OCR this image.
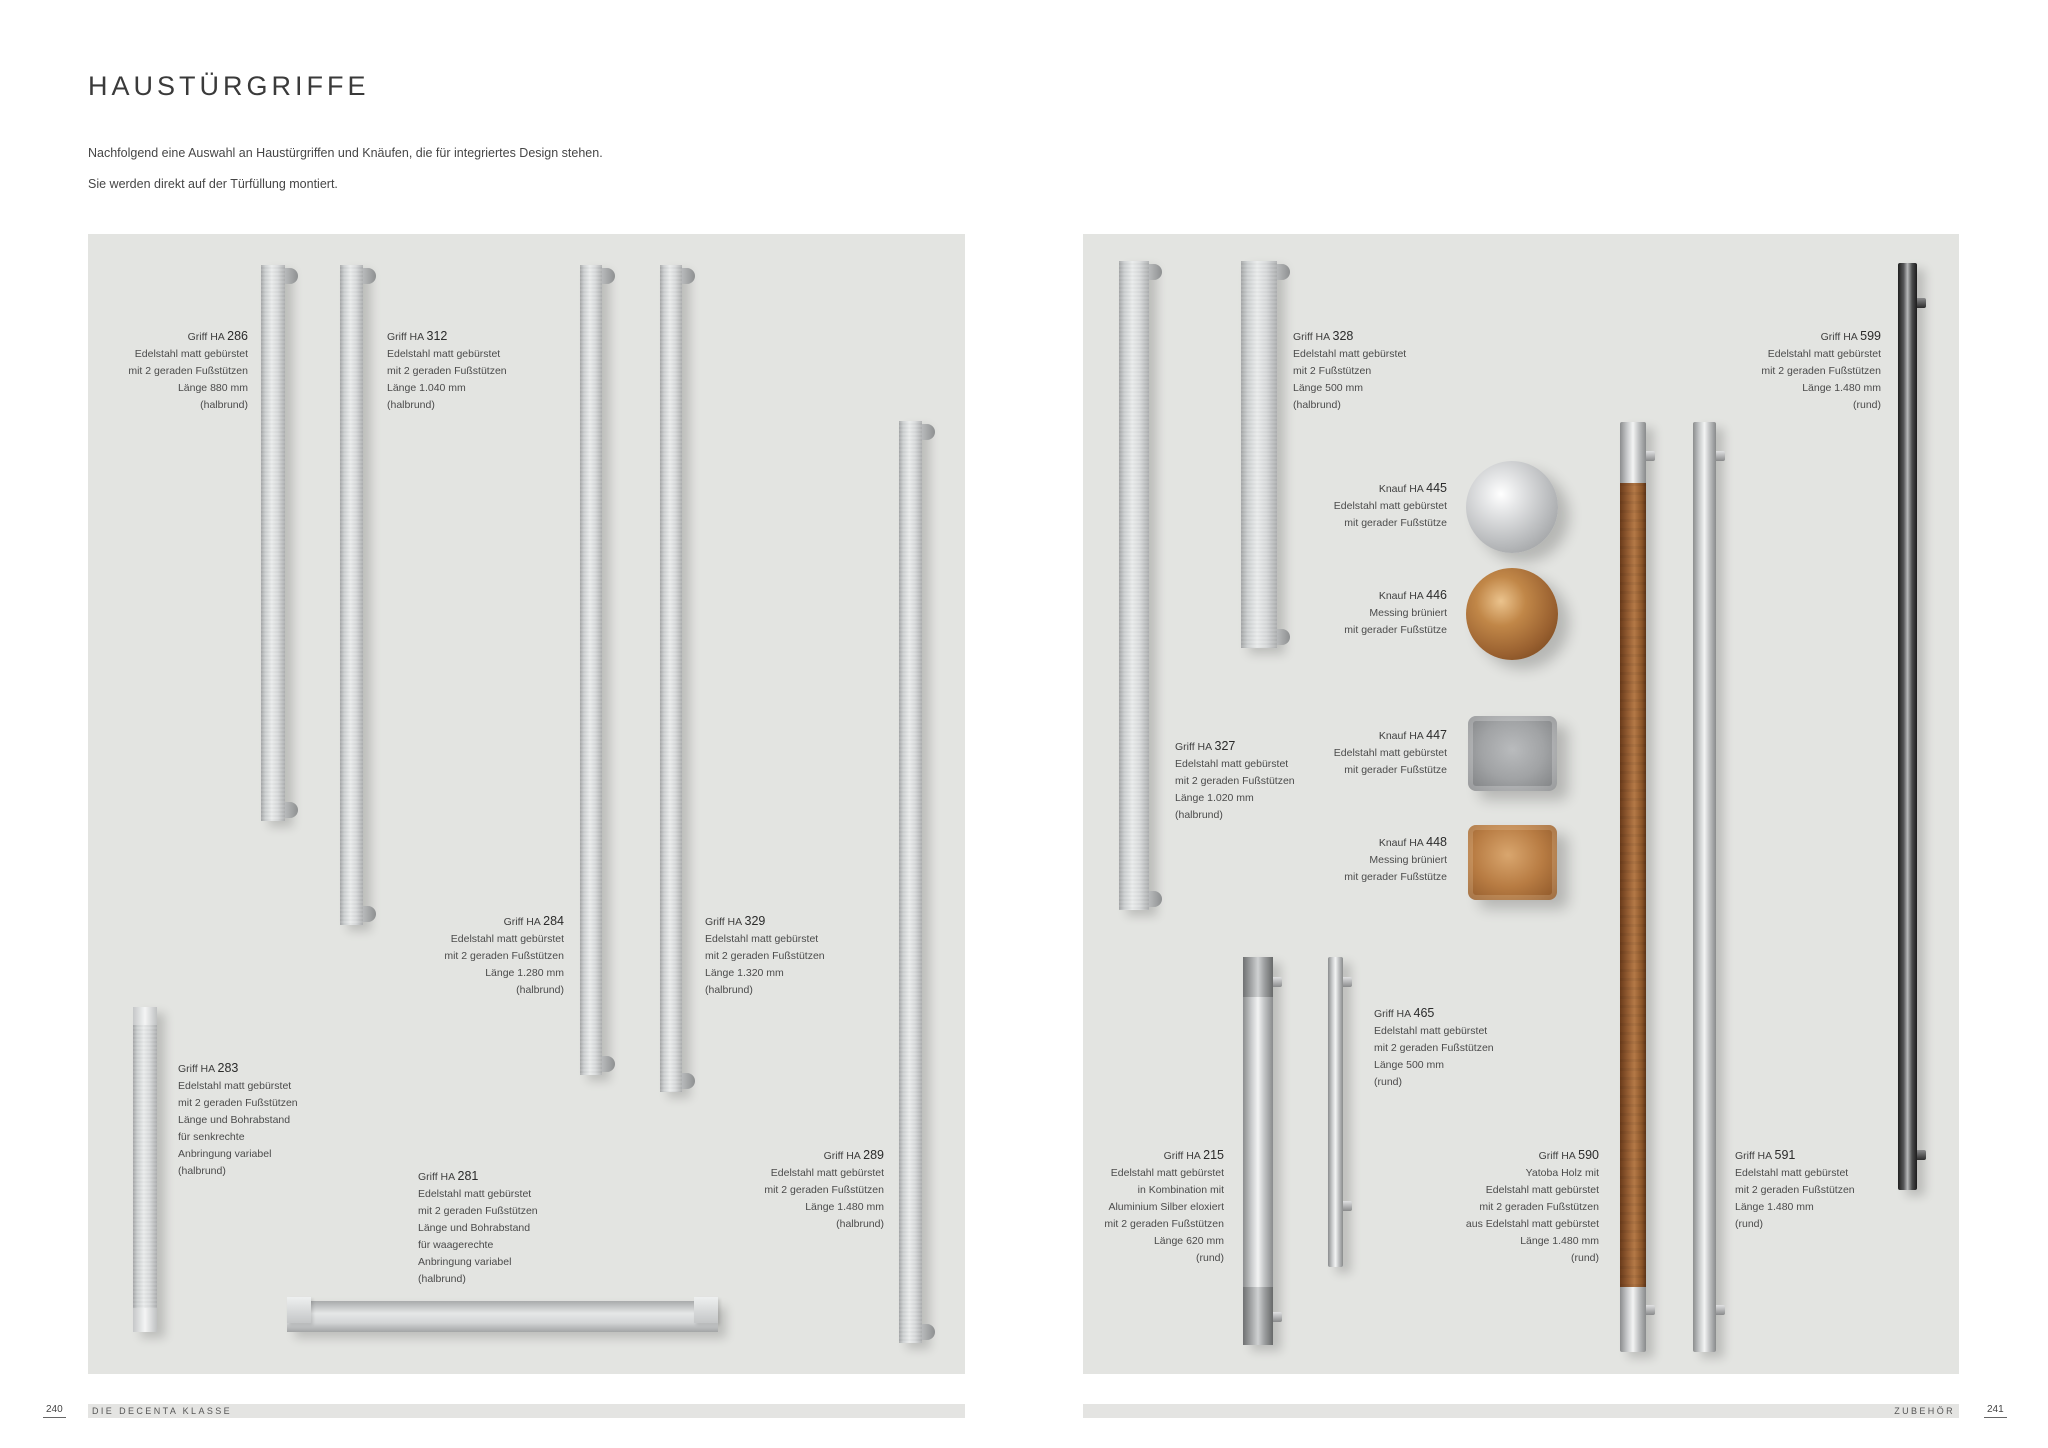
HAUSTÜRGRIFFE

Nachfolgend eine Auswahl an Haustürgriffen und Knäufen, die für integriertes Design stehen.

Sie werden direkt auf der Türfüllung montiert.

Griff HA 286
Edelstahl matt gebürstet
mit 2 geraden Fußstützen
Länge 880 mm
(halbrund)
Griff HA 312
Edelstahl matt gebürstet
mit 2 geraden Fußstützen
Länge 1.040 mm
(halbrund)
Griff HA 284
Edelstahl matt gebürstet
mit 2 geraden Fußstützen
Länge 1.280 mm
(halbrund)
Griff HA 329
Edelstahl matt gebürstet
mit 2 geraden Fußstützen
Länge 1.320 mm
(halbrund)
Griff HA 289
Edelstahl matt gebürstet
mit 2 geraden Fußstützen
Länge 1.480 mm
(halbrund)
Griff HA 283
Edelstahl matt gebürstet
mit 2 geraden Fußstützen
Länge und Bohrabstand
für senkrechte
Anbringung variabel
(halbrund)	Griff HA 281
Edelstahl matt gebürstet
mit 2 geraden Fußstützen
Länge und Bohrabstand
für waagerechte
Anbringung variabel
(halbrund)
Griff HA 327
Edelstahl matt gebürstet
mit 2 geraden Fußstützen
Länge 1.020 mm
(halbrund)
Griff HA 328
Edelstahl matt gebürstet
mit 2 Fußstützen
Länge 500 mm
(halbrund)
Knauf HA 445
Edelstahl matt gebürstet
mit gerader Fußstütze
Knauf HA 446
Messing brüniert
mit gerader Fußstütze
Knauf HA 447
Edelstahl matt gebürstet
mit gerader Fußstütze
Knauf HA 448
Messing brüniert
mit gerader Fußstütze
Griff HA 599
Edelstahl matt gebürstet
mit 2 geraden Fußstützen
Länge 1.480 mm
(rund)
Griff HA 590
Yatoba Holz mit
Edelstahl matt gebürstet
mit 2 geraden Fußstützen
aus Edelstahl matt gebürstet
Länge 1.480 mm
(rund)
Griff HA 591
Edelstahl matt gebürstet
mit 2 geraden Fußstützen
Länge 1.480 mm
(rund)
Griff HA 215
Edelstahl matt gebürstet
in Kombination mit
Aluminium Silber eloxiert
mit 2 geraden Fußstützen
Länge 620 mm
(rund)
Griff HA 465
Edelstahl matt gebürstet
mit 2 geraden Fußstützen
Länge 500 mm
(rund)
240	DIE DECENTA KLASSE	ZUBEHÖR	241
